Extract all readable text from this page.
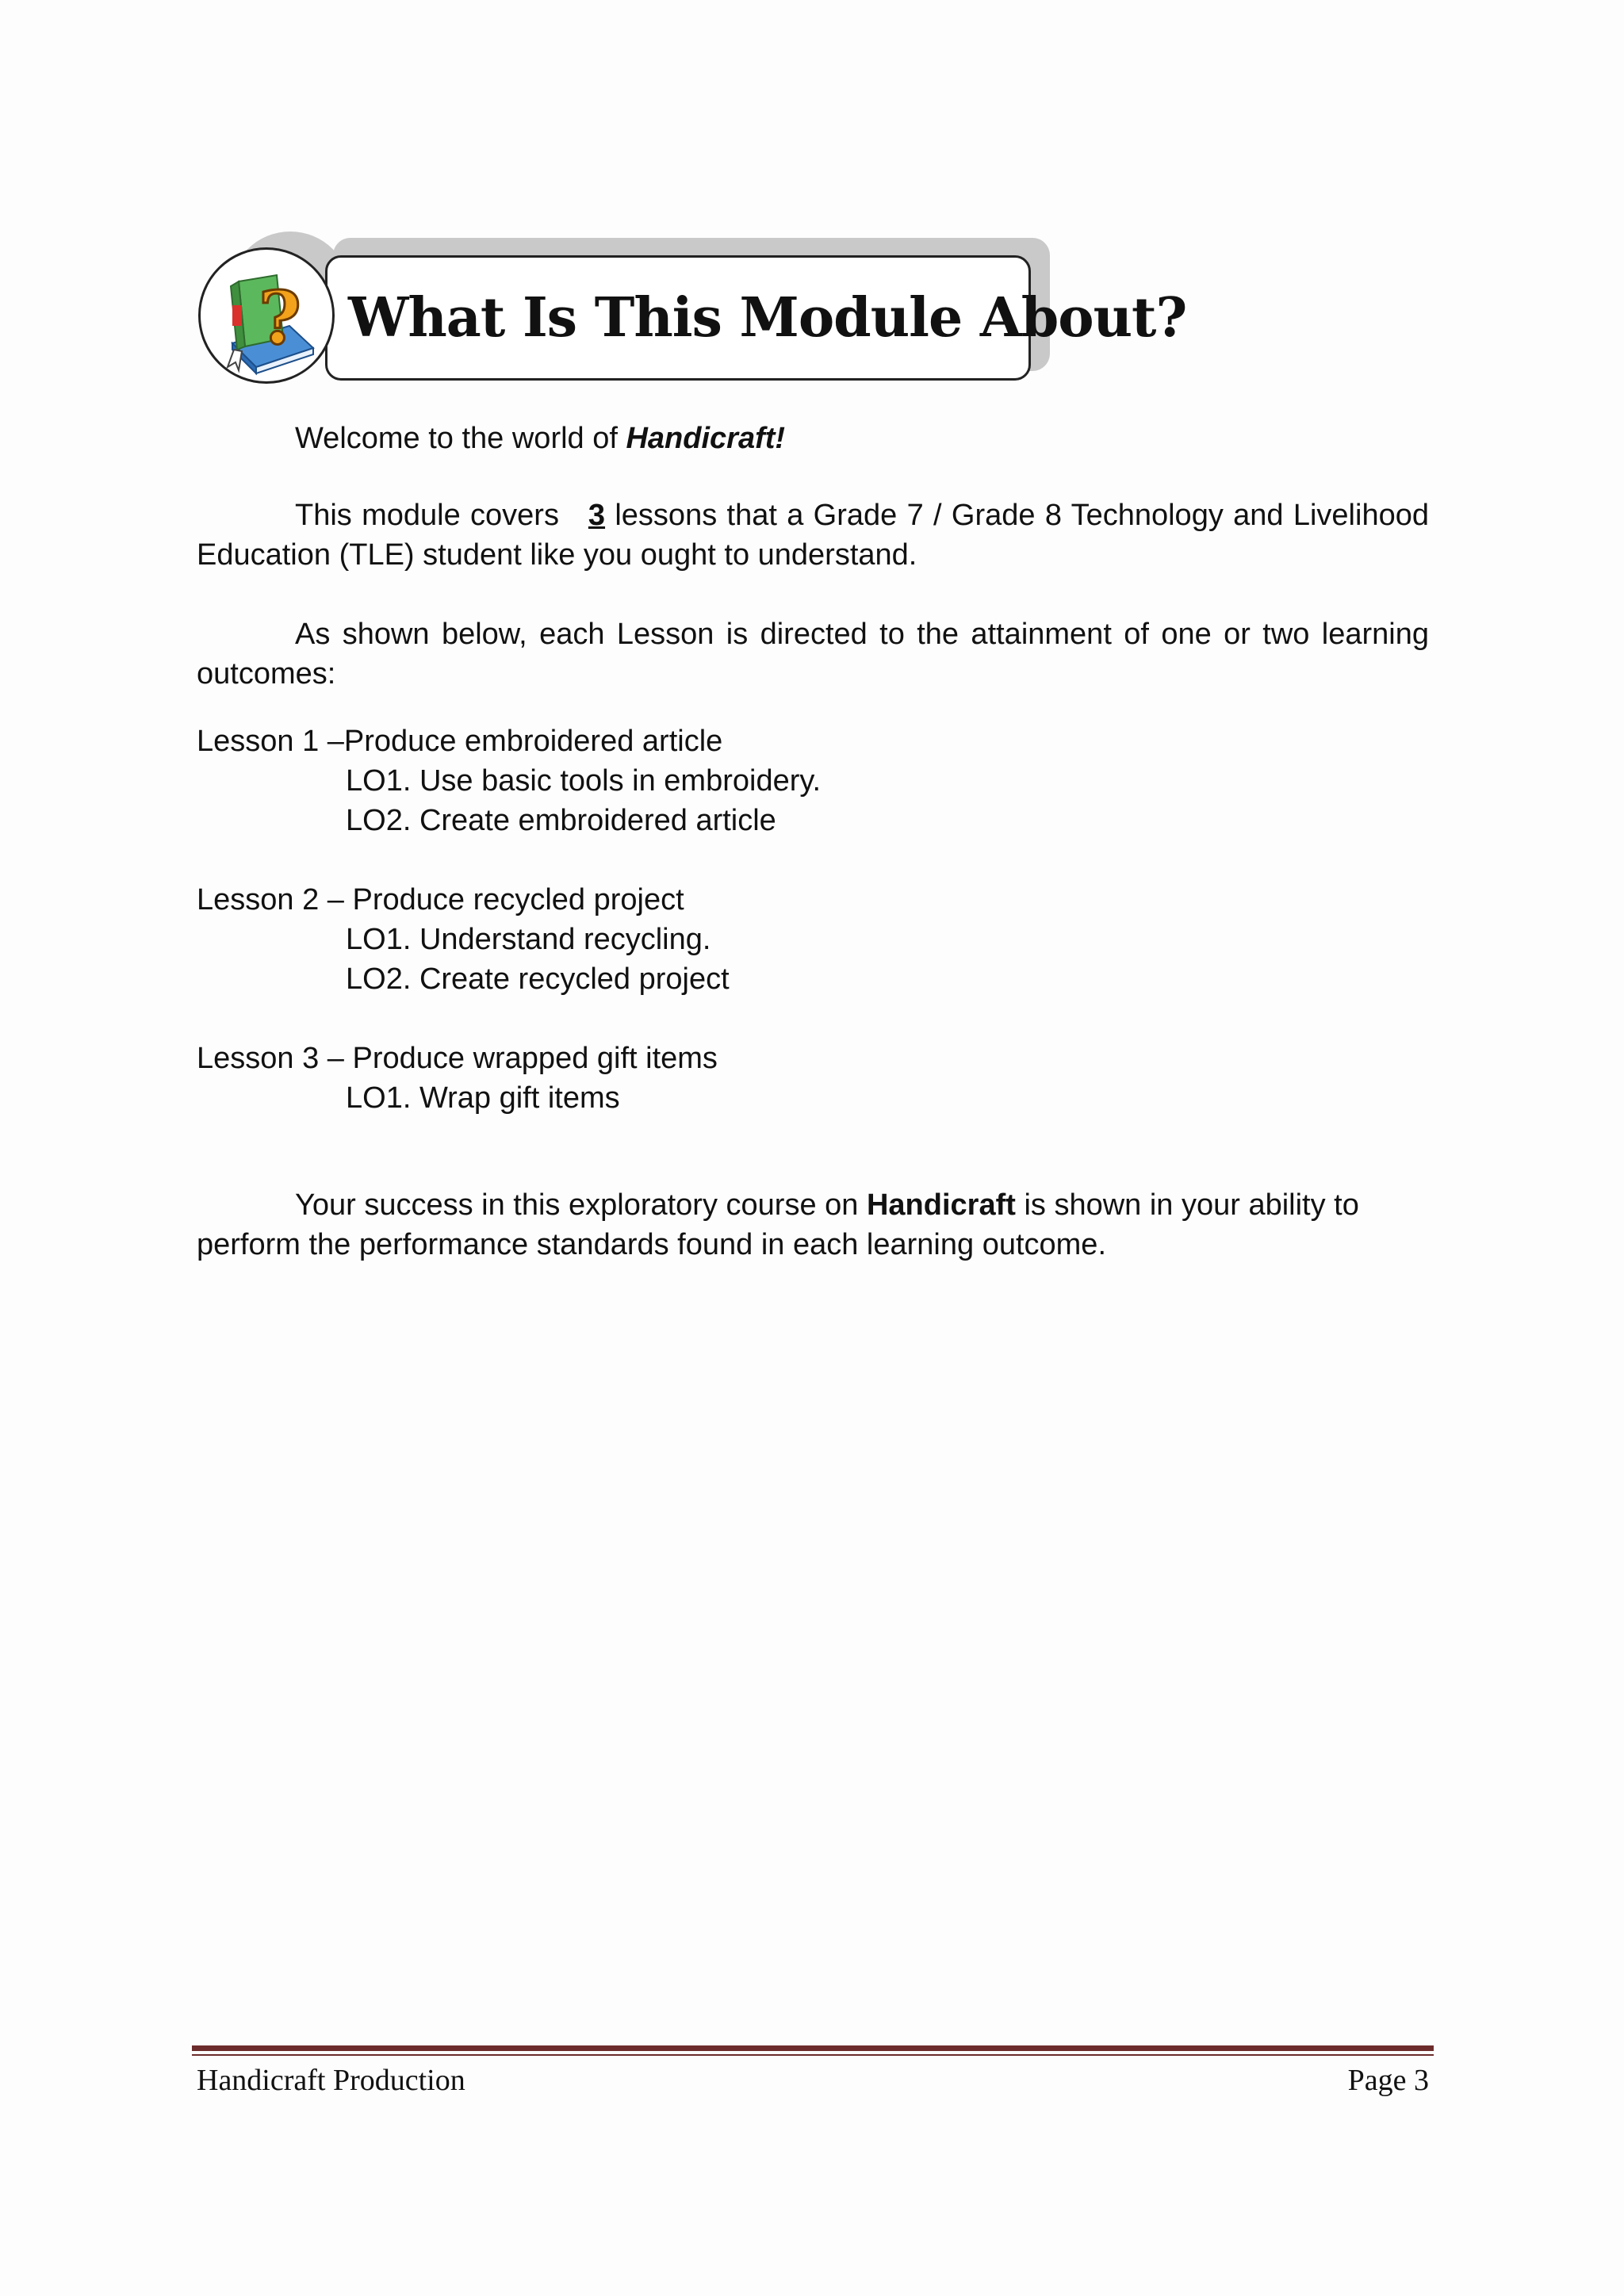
What Is This Module About?
?
Welcome to the world of Handicraft!
This module covers 3 lessons that a Grade 7 / Grade 8 Technology and Livelihood Education (TLE) student like you ought to understand.
As shown below, each Lesson is directed to the attainment of one or two learning outcomes:
Lesson 1 –Produce embroidered article
LO1. Use basic tools in embroidery.
LO2. Create embroidered article
Lesson 2 – Produce recycled project
LO1. Understand recycling.
LO2. Create recycled project
Lesson 3 – Produce wrapped gift items
LO1. Wrap gift items
Your success in this exploratory course on Handicraft is shown in your ability to perform the performance standards found in each learning outcome.
Handicraft Production	Page 3
